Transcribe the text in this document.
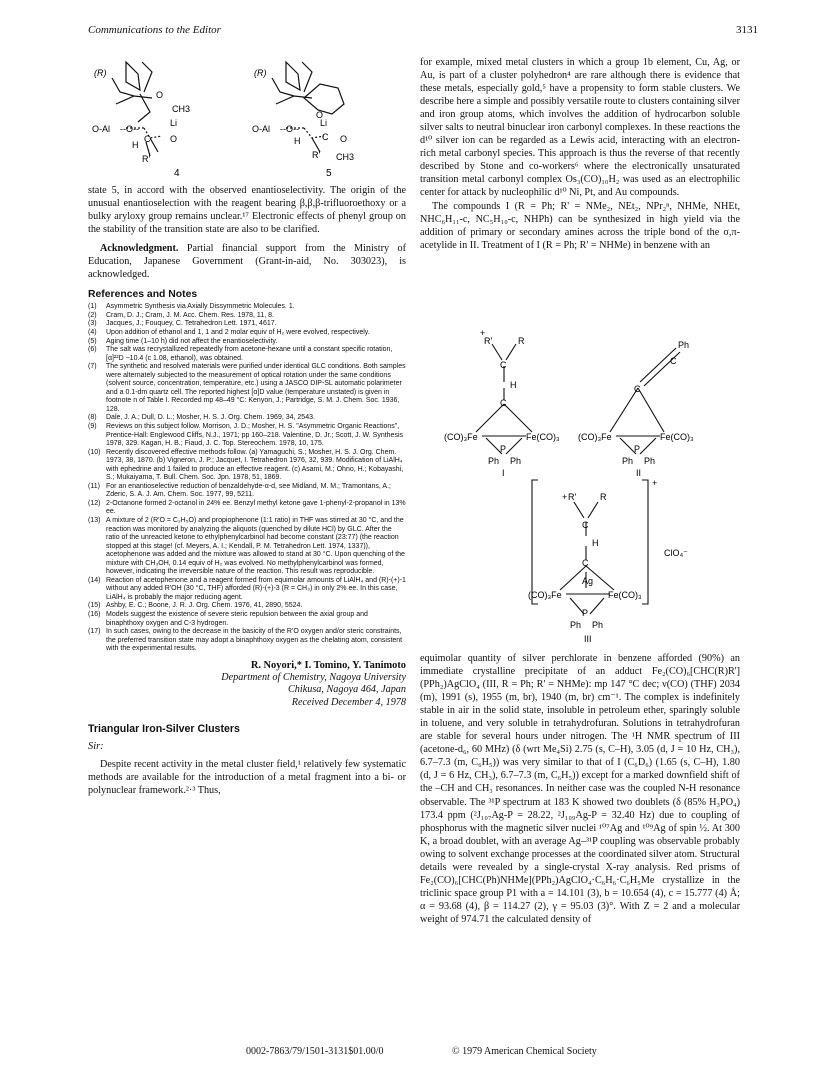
Communications to the Editor	3131
(R)
O
CH3
O-Al --O--
Li
C
H
O
R'
4
(R)
O
O-Al --O--
Li
H C O
R' CH3
5

state 5, in accord with the observed enantioselectivity. The origin of the unusual enantioselection with the reagent bearing β,β,β-trifluoroethoxy or a bulky aryloxy group remains unclear.¹⁷ Electronic effects of phenyl group on the stability of the transition state are also to be clarified.

Acknowledgment. Partial financial support from the Ministry of Education, Japanese Government (Grant-in-aid, No. 303023), is acknowledged.

References and Notes
(1) Asymmetric Synthesis via Axially Dissymmetric Molecules. 1.
(2) Cram, D. J.; Cram, J. M. Acc. Chem. Res. 1978, 11, 8.
(3) Jacques, J.; Fouquey, C. Tetrahedron Lett. 1971, 4617.
(4) Upon addition of ethanol and 1, 1 and 2 molar equiv of H₂ were evolved, respectively.
(5) Aging time (1–10 h) did not affect the enantioselectivity.
(6) The salt was recrystallized repeatedly from acetone-hexane until a constant specific rotation, [α]²²D −10.4 (c 1.08, ethanol), was obtained.
(7) The synthetic and resolved materials were purified under identical GLC conditions. Both samples were alternately subjected to the measurement of optical rotation under the same conditions (solvent source, concentration, temperature, etc.) using a JASCO DIP-SL automatic polarimeter and a 0.1-dm quartz cell. The reported highest [α]D value (temperature unstated) is given in footnote n of Table I. Recorded mp 48–49 °C: Kenyon, J.; Partridge, S. M. J. Chem. Soc. 1936, 128.
(8) Dale, J. A.; Dull, D. L.; Mosher, H. S. J. Org. Chem. 1969, 34, 2543.
(9) Reviews on this subject follow. Morrison, J. D.; Mosher, H. S. "Asymmetric Organic Reactions", Prentice-Hall: Englewood Cliffs, N.J., 1971; pp 160–218. Valentine, D. Jr.; Scott, J. W. Synthesis 1978, 329. Kagan, H. B.; Fiaud, J. C. Top. Stereochem. 1978, 10, 175.
(10) Recently discovered effective methods follow. (a) Yamaguchi, S.; Mosher, H. S. J. Org. Chem. 1973, 38, 1870. (b) Vigneron, J. P.; Jacquet, I. Tetrahedron 1976, 32, 939. Modification of LiAlH₄ with ephedrine and 1 failed to produce an effective reagent. (c) Asami, M.; Ohno, H.; Kobayashi, S.; Mukaiyama, T. Bull. Chem. Soc. Jpn. 1978, 51, 1869.
(11) For an enantioselective reduction of benzaldehyde-α-d, see Midland, M. M.; Tramontans, A.; Zderic, S. A. J. Am. Chem. Soc. 1977, 99, 5211.
(12) 2-Octanone formed 2-octanol in 24% ee. Benzyl methyl ketone gave 1-phenyl-2-propanol in 13% ee.
(13) A mixture of 2 (R'O = C₂H₅O) and propiophenone (1:1 ratio) in THF was stirred at 30 °C, and the reaction was monitored by analyzing the aliquots (quenched by dilute HCl) by GLC. After the ratio of the unreacted ketone to ethylphenylcarbinol had become constant (23:77) (the reaction stopped at this stage! (cf. Meyers, A. I.; Kendall, P. M. Tetrahedron Lett. 1974, 1337)), acetophenone was added and the mixture was allowed to stand at 30 °C. Upon quenching of the mixture with CH₃OH, 0.14 equiv of H₂ was evolved. No methylphenylcarbinol was formed, however, indicating the irreversible nature of the reaction. This result was reproducible.
(14) Reaction of acetophenone and a reagent formed from equimolar amounts of LiAlH₄ and (R)-(+)-1 without any added R'OH (30 °C, THF) afforded (R)-(+)-3 (R = CH₃) in only 2% ee. In this case, LiAlH₄ is probably the major reducing agent.
(15) Ashby, E. C.; Boone, J. R. J. Org. Chem. 1976, 41, 2890, 5524.
(16) Models suggest the existence of severe steric repulsion between the axial group and binaphthoxy oxygen and C-3 hydrogen.
(17) In such cases, owing to the decrease in the basicity of the R'O oxygen and/or steric constraints, the preferred transition state may adopt a binaphthoxy oxygen as the chelating atom, consistent with the experimental results.
R. Noyori,* I. Tomino, Y. Tanimoto
Department of Chemistry, Nagoya University
Chikusa, Nagoya 464, Japan
Received December 4, 1978
Triangular Iron-Silver Clusters
Sir:

Despite recent activity in the metal cluster field,¹ relatively few systematic methods are available for the introduction of a metal fragment into a bi- or polynuclear framework.²·³ Thus,

for example, mixed metal clusters in which a group 1b element, Cu, Ag, or Au, is part of a cluster polyhedron⁴ are rare although there is evidence that these metals, especially gold,⁵ have a propensity to form stable clusters. We describe here a simple and possibly versatile route to clusters containing silver and iron group atoms, which involves the addition of hydrocarbon soluble silver salts to neutral binuclear iron carbonyl complexes. In these reactions the d¹⁰ silver ion can be regarded as a Lewis acid, interacting with an electron-rich metal carbonyl species. This approach is thus the reverse of that recently described by Stone and co-workers⁶ where the electronically unsaturated transition metal carbonyl complex Os₃(CO)₁₀H₂ was used as an electrophilic center for attack by nucleophilic d¹⁰ Ni, Pt, and Au compounds.

The compounds I (R = Ph; R' = NMe₂, NEt₂, NPr₂ⁿ, NHMe, NHEt, NHC₆H₁₁-c, NC₅H₁₀-c, NHPh) can be synthesized in high yield via the addition of primary or secondary amines across the triple bond of the σ,π-acetylide in II. Treatment of I (R = Ph; R' = NHMe) in benzene with an

+
R'	R
C
H
C
(CO)₃Fe	Fe(CO)₃
P
Ph Ph
I
Ph
C
C
(CO)₃Fe	Fe(CO)₃
P
Ph Ph
II
+
+ R'	R
C
H
C
Ag
(CO)₃Fe	Fe(CO)₃
P
Ph Ph
ClO₄⁻
III

equimolar quantity of silver perchlorate in benzene afforded (90%) an immediate crystalline precipitate of an adduct Fe₂(CO)₆[CHC(R)R'](PPh₂)AgClO₄ (III, R = Ph; R' = NHMe): mp 147 °C dec; ν(CO) (THF) 2034 (m), 1991 (s), 1955 (m, br), 1940 (m, br) cm⁻¹. The complex is indefinitely stable in air in the solid state, insoluble in petroleum ether, sparingly soluble in toluene, and very soluble in tetrahydrofuran. Solutions in tetrahydrofuran are stable for several hours under nitrogen. The ¹H NMR spectrum of III (acetone-d₆, 60 MHz) (δ (wrt Me₄Si) 2.75 (s, C–H), 3.05 (d, J = 10 Hz, CH₃), 6.7–7.3 (m, C₆H₅)) was very similar to that of I (C₆D₆) (1.65 (s, C–H), 1.80 (d, J = 6 Hz, CH₃), 6.7–7.3 (m, C₆H₅)) except for a marked downfield shift of the –CH and CH₃ resonances. In neither case was the coupled N-H resonance observable. The ³¹P spectrum at 183 K showed two doublets (δ (85% H₃PO₄) 173.4 ppm (²J₁₀₇Ag-P = 28.22, ²J₁₀₉Ag-P = 32.40 Hz) due to coupling of phosphorus with the magnetic silver nuclei ¹⁰⁷Ag and ¹⁰⁹Ag of spin ½. At 300 K, a broad doublet, with an average Ag–³¹P coupling was observable probably owing to solvent exchange processes at the coordinated silver atom. Structural details were revealed by a single-crystal X-ray analysis. Red prisms of Fe₂(CO)₆[CHC(Ph)NHMe](PPh₂)AgClO₄·C₆H₆·C₆H₅Me crystallize in the triclinic space group P1 with a = 14.101 (3), b = 10.654 (4), c = 15.777 (4) Å; α = 93.68 (4), β = 114.27 (2), γ = 95.03 (3)°. With Z = 2 and a molecular weight of 974.71 the calculated density of

0002-7863/79/1501-3131$01.00/0	© 1979 American Chemical Society
